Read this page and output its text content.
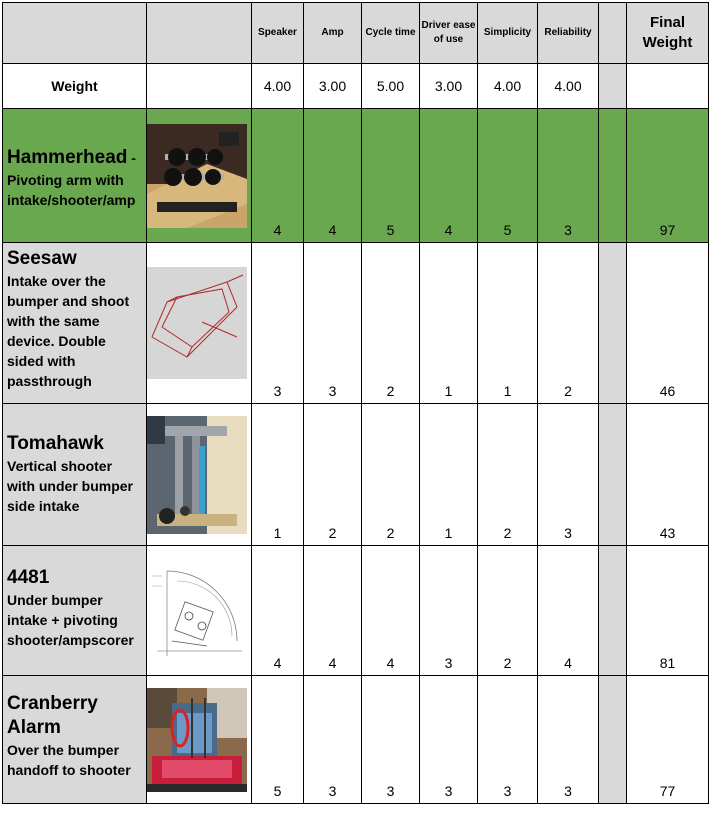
		Speaker	Amp	Cycle time	Driver ease of use	Simplicity	Reliability		Final Weight
Weight		4.00	3.00	5.00	3.00	4.00	4.00		

Hammerhead -
Pivoting arm with intake/shooter/amp		4	4	5	4	5	3		97
Seesaw
Intake over the bumper and shoot with the same device. Double sided with passthrough		3	3	2	1	1	2		46
Tomahawk
Vertical shooter with under bumper side intake		1	2	2	1	2	3		43
4481
Under bumper intake + pivoting shooter/ampscorer		4	4	4	3	2	4		81
Cranberry Alarm
Over the bumper handoff to shooter		5	3	3	3	3	3		77
